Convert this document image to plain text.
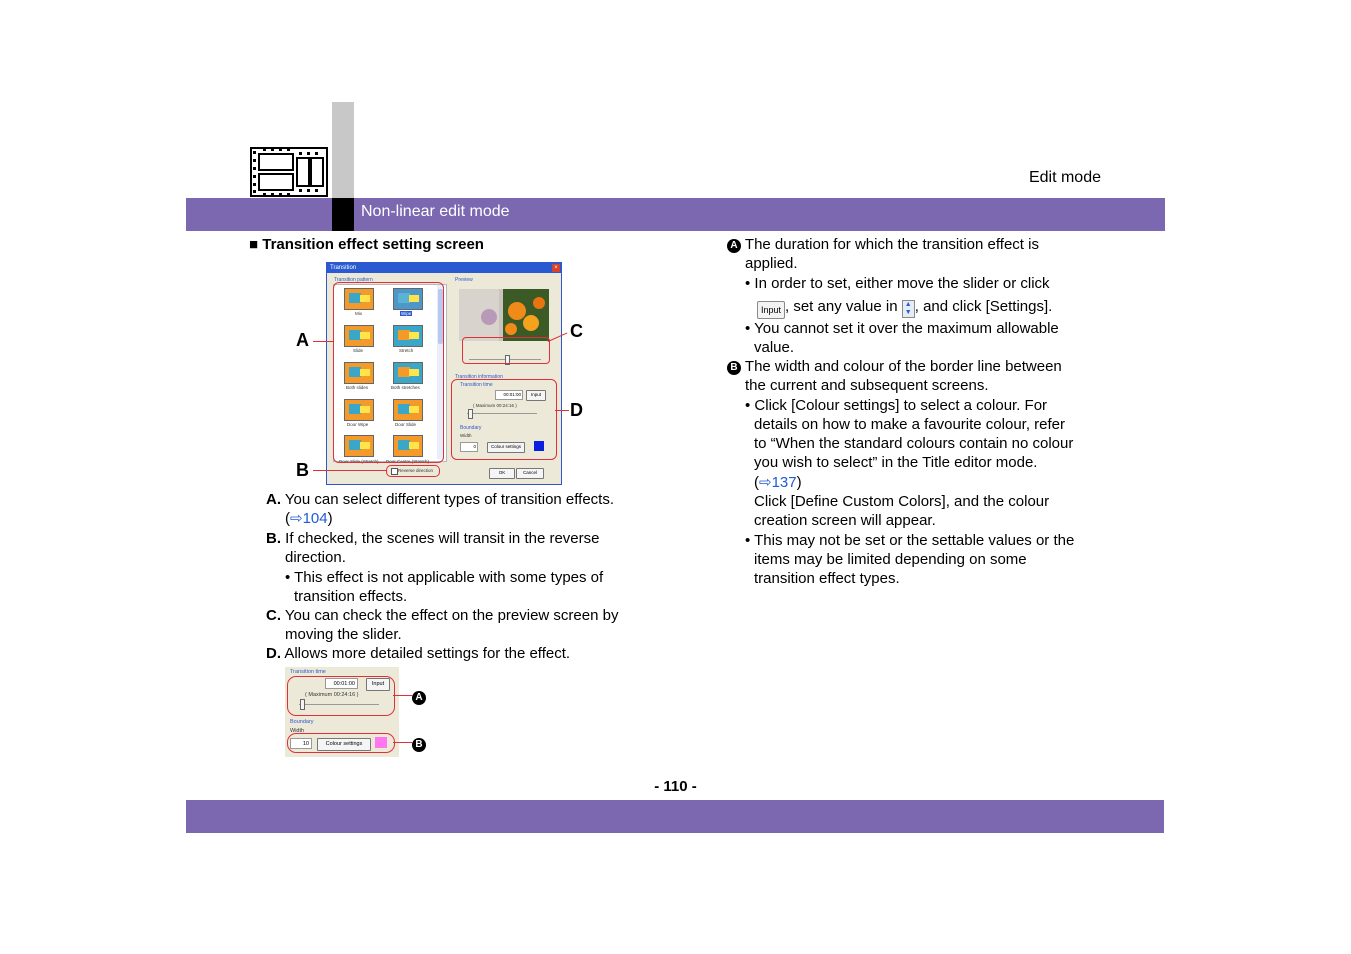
Edit mode
Non-linear edit mode
■ Transition effect setting screen
Transition	×
Transition pattern
Mix	Wipe
Slide	Stretch
Both slides	Both stretches
Door Wipe	Door Slide
Door Slide (Stretch) Door Centre (Stretch)
Preview
Transition information
Transition time
00:01:00	Input
( Maximum 00:24:16 )
Boundary
Width
0	Colour settings
Reverse direction	OK	Cancel
A
B
C
D
A. You can select different types of transition effects.
(⇨104)
B. If checked, the scenes will transit in the reverse
direction.
• This effect is not applicable with some types of
transition effects.
C. You can check the effect on the preview screen by
moving the slider.
D. Allows more detailed settings for the effect.
Transition time
00:01:00	Input
( Maximum 00:24:16 )
Boundary
Width
10	Colour settings
A
B
A The duration for which the transition effect is
applied.
• In order to set, either move the slider or click
Input , set any value in ▲
▼ , and click [Settings].
• You cannot set it over the maximum allowable
value.
B The width and colour of the border line between
the current and subsequent screens.
• Click [Colour settings] to select a colour. For
details on how to make a favourite colour, refer
to “When the standard colours contain no colour
you wish to select” in the Title editor mode.
(⇨137)
Click [Define Custom Colors], and the colour
creation screen will appear.
• This may not be set or the settable values or the
items may be limited depending on some
transition effect types.
- 110 -
